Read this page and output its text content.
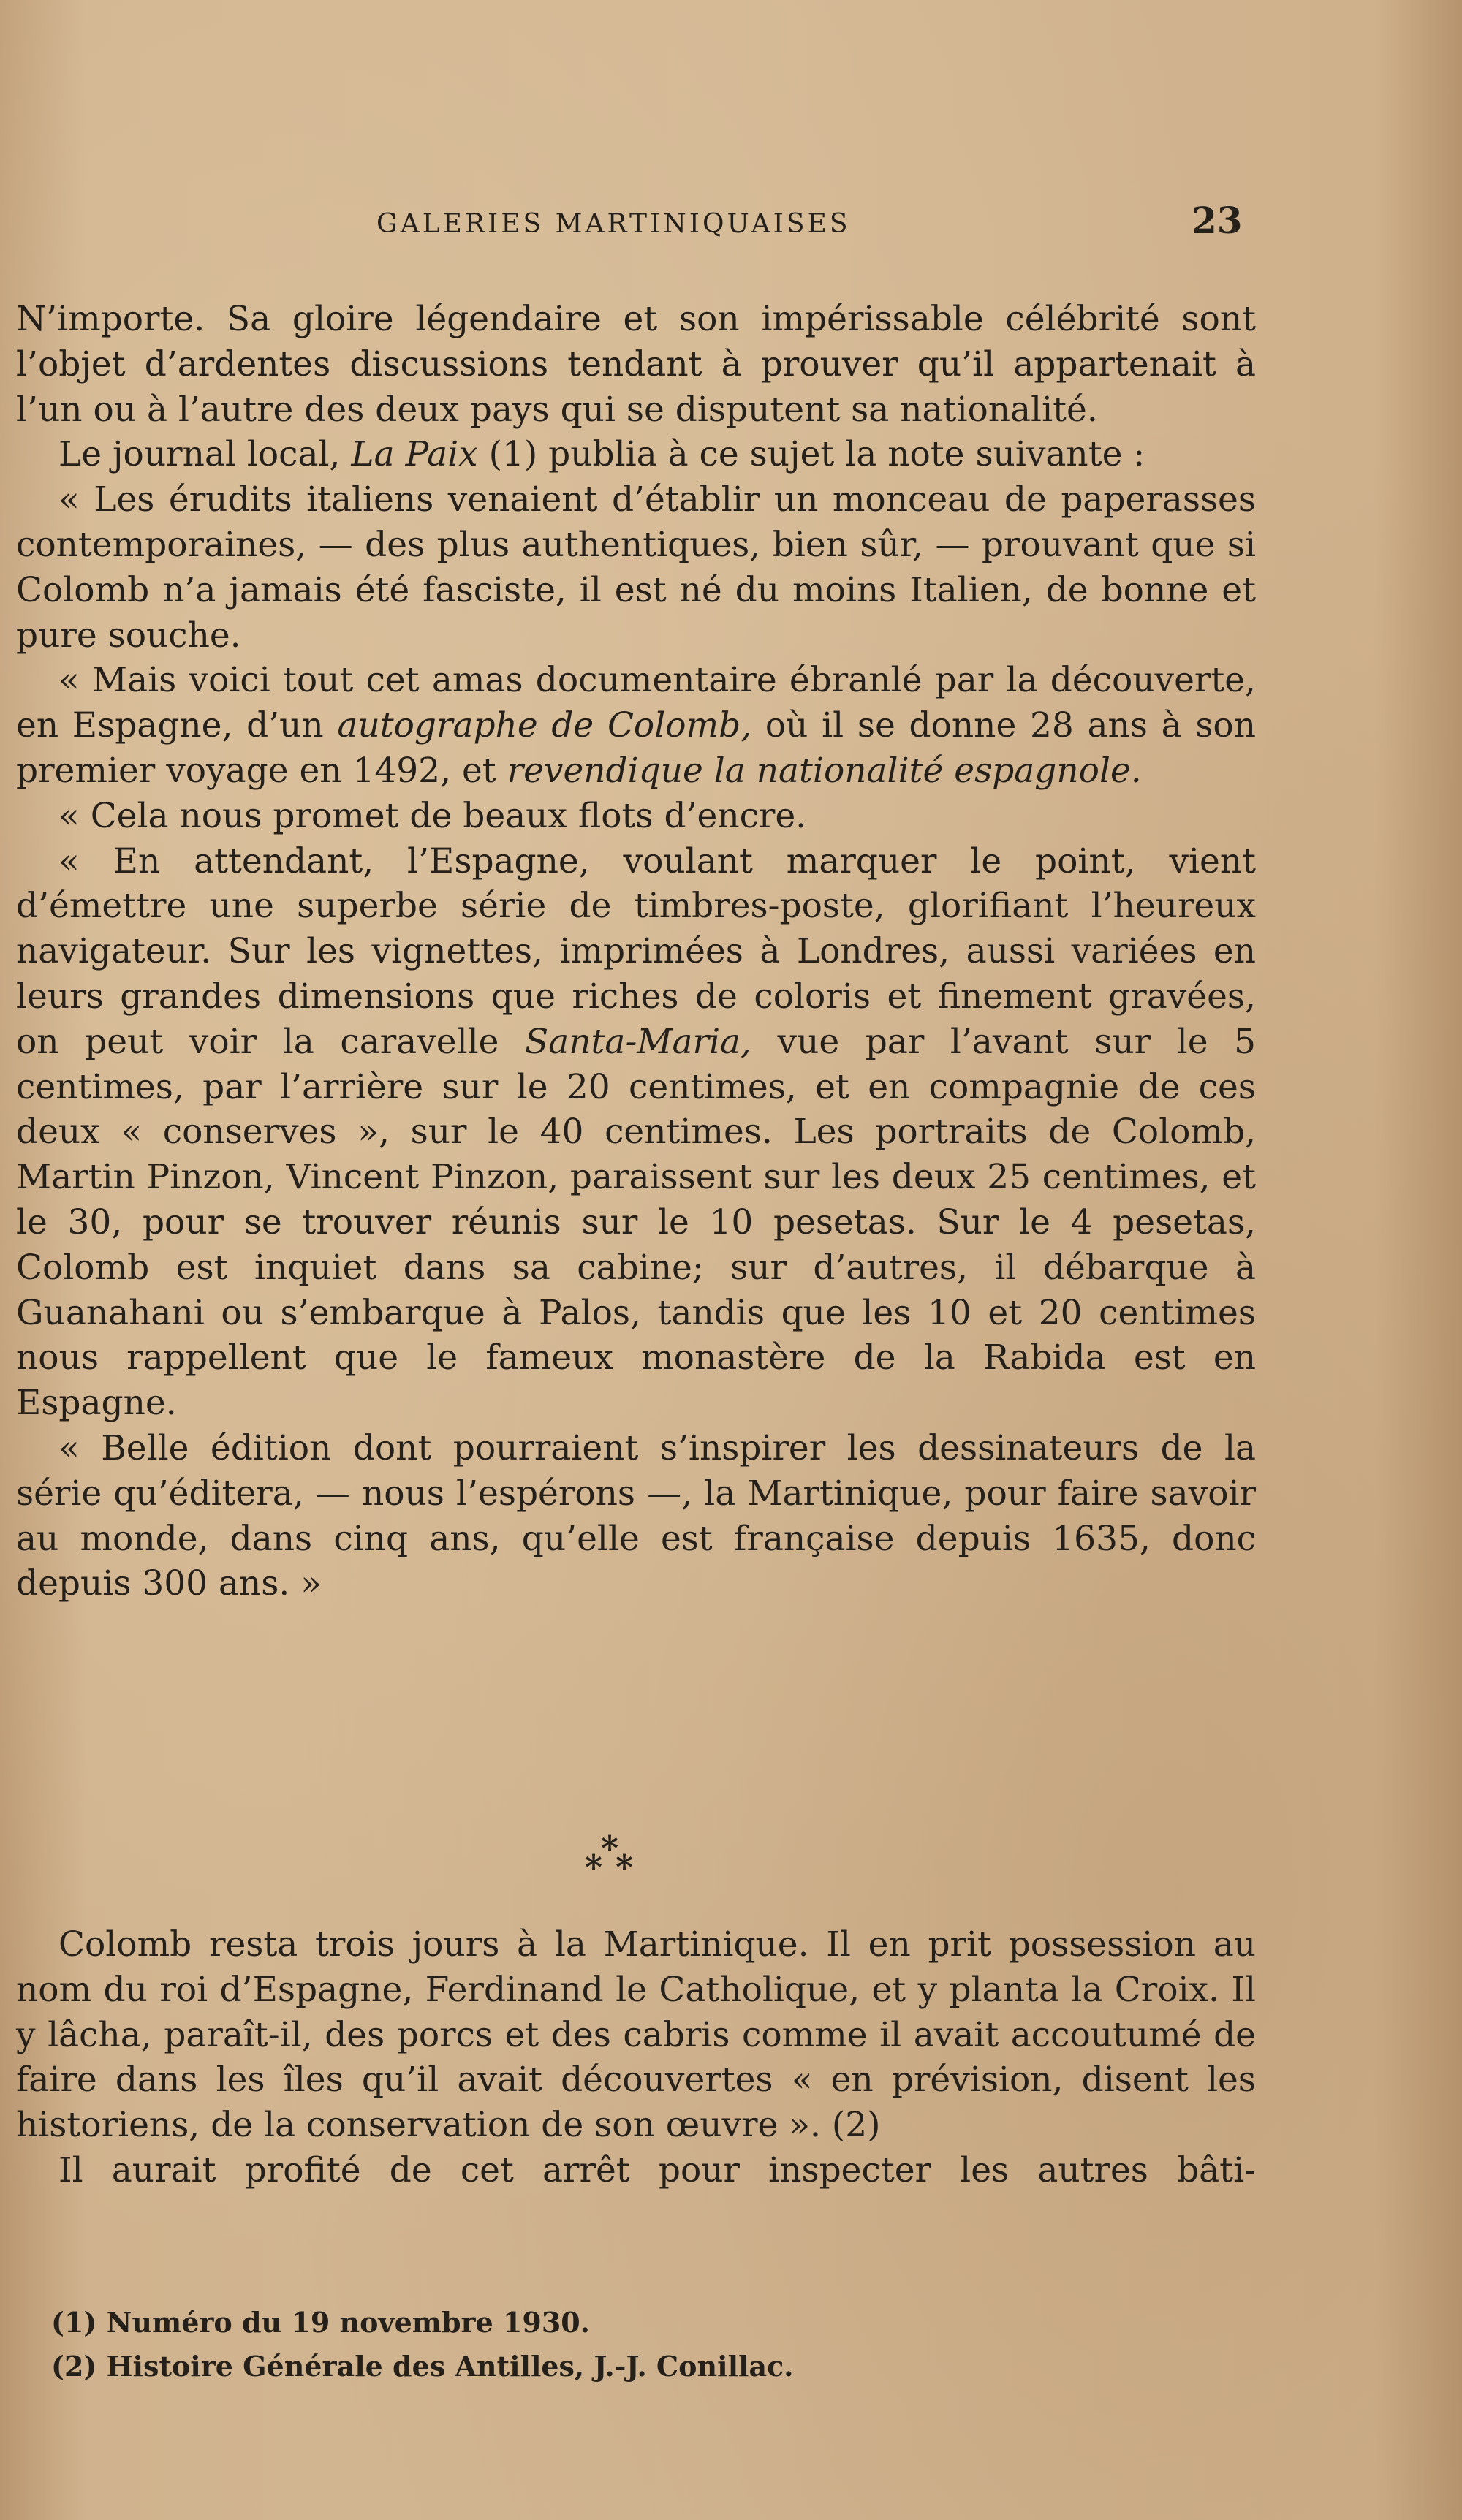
GALERIES MARTINIQUAISES	23

N’importe. Sa gloire légendaire et son impérissable célébrité sont l’objet d’ardentes discussions tendant à prouver qu’il appartenait à l’un ou à l’autre des deux pays qui se disputent sa nationalité.

Le journal local, La Paix (1) publia à ce sujet la note suivante :

« Les érudits italiens venaient d’établir un monceau de paperasses contemporaines, — des plus authentiques, bien sûr, — prouvant que si Colomb n’a jamais été fasciste, il est né du moins Italien, de bonne et pure souche.

« Mais voici tout cet amas documentaire ébranlé par la découverte, en Espagne, d’un autographe de Colomb, où il se donne 28 ans à son premier voyage en 1492, et revendique la nationalité espagnole.

« Cela nous promet de beaux flots d’encre.

« En attendant, l’Espagne, voulant marquer le point, vient d’émettre une superbe série de timbres-poste, glorifiant l’heureux navigateur. Sur les vignettes, imprimées à Londres, aussi variées en leurs grandes dimensions que riches de coloris et finement gravées, on peut voir la caravelle Santa-Maria, vue par l’avant sur le 5 centimes, par l’arrière sur le 20 centimes, et en compagnie de ces deux « conserves », sur le 40 centimes. Les portraits de Colomb, Martin Pinzon, Vincent Pinzon, paraissent sur les deux 25 centimes, et le 30, pour se trouver réunis sur le 10 pesetas. Sur le 4 pesetas, Colomb est inquiet dans sa cabine; sur d’autres, il débarque à Guanahani ou s’embarque à Palos, tandis que les 10 et 20 centimes nous rappellent que le fameux monastère de la Rabida est en Espagne.

« Belle édition dont pourraient s’inspirer les dessinateurs de la série qu’éditera, — nous l’espérons —, la Martinique, pour faire savoir au monde, dans cinq ans, qu’elle est française depuis 1635, donc depuis 300 ans. »

*
* *

Colomb resta trois jours à la Martinique. Il en prit possession au nom du roi d’Espagne, Ferdinand le Catholique, et y planta la Croix. Il y lâcha, paraît-il, des porcs et des cabris comme il avait accoutumé de faire dans les îles qu’il avait découvertes « en prévision, disent les historiens, de la conservation de son œuvre ». (2)

Il aurait profité de cet arrêt pour inspecter les autres bâti-

(1) Numéro du 19 novembre 1930.

(2) Histoire Générale des Antilles, J.-J. Conillac.
